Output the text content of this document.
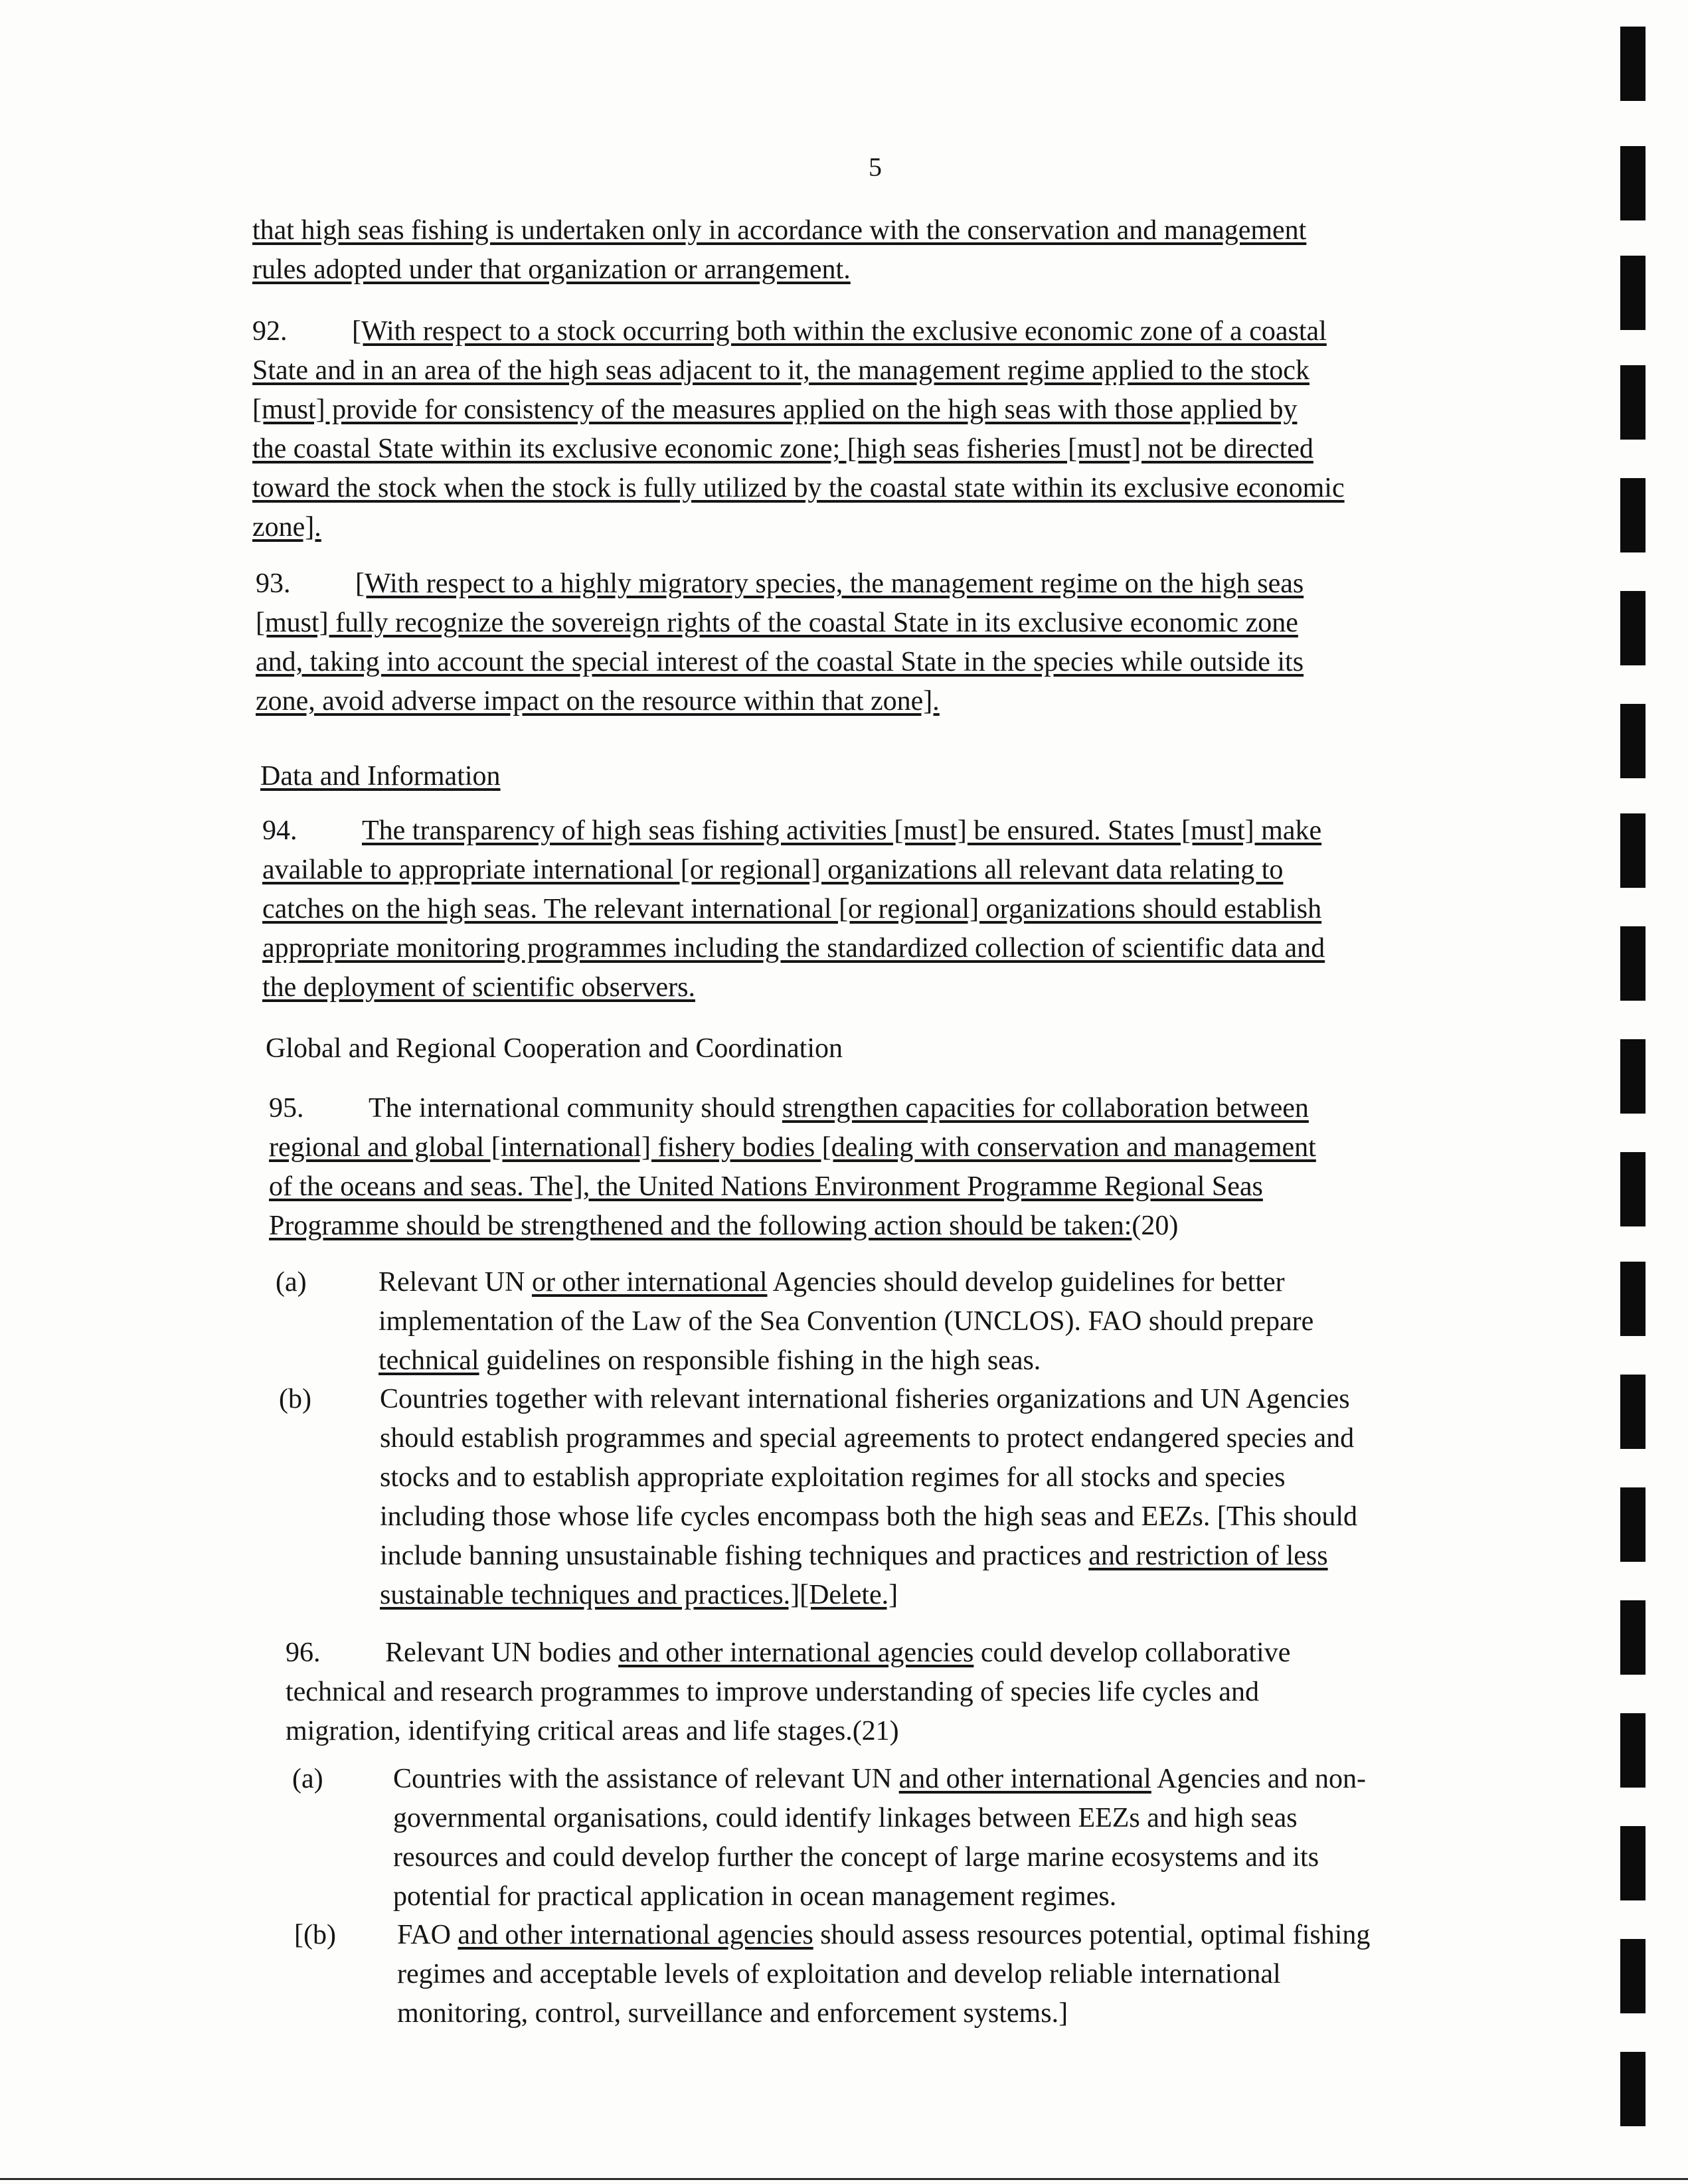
5
that high seas fishing is undertaken only in accordance with the conservation and management
rules adopted under that organization or arrangement.
92. [With respect to a stock occurring both within the exclusive economic zone of a coastal
State and in an area of the high seas adjacent to it, the management regime applied to the stock
[must] provide for consistency of the measures applied on the high seas with those applied by
the coastal State within its exclusive economic zone; [high seas fisheries [must] not be directed
toward the stock when the stock is fully utilized by the coastal state within its exclusive economic
zone].
93. [With respect to a highly migratory species, the management regime on the high seas
[must] fully recognize the sovereign rights of the coastal State in its exclusive economic zone
and, taking into account the special interest of the coastal State in the species while outside its
zone, avoid adverse impact on the resource within that zone].
Data and Information
94. The transparency of high seas fishing activities [must] be ensured. States [must] make
available to appropriate international [or regional] organizations all relevant data relating to
catches on the high seas. The relevant international [or regional] organizations should establish
appropriate monitoring programmes including the standardized collection of scientific data and
the deployment of scientific observers.
Global and Regional Cooperation and Coordination
95. The international community should strengthen capacities for collaboration between
regional and global [international] fishery bodies [dealing with conservation and management
of the oceans and seas. The], the United Nations Environment Programme Regional Seas
Programme should be strengthened and the following action should be taken:(20)
(a)	Relevant UN or other international Agencies should develop guidelines for better
implementation of the Law of the Sea Convention (UNCLOS). FAO should prepare
technical guidelines on responsible fishing in the high seas.
(b) Countries together with relevant international fisheries organizations and UN Agencies
should establish programmes and special agreements to protect endangered species and
stocks and to establish appropriate exploitation regimes for all stocks and species
including those whose life cycles encompass both the high seas and EEZs. [This should
include banning unsustainable fishing techniques and practices and restriction of less
sustainable techniques and practices.][Delete.]
96. Relevant UN bodies and other international agencies could develop collaborative
technical and research programmes to improve understanding of species life cycles and
migration, identifying critical areas and life stages.(21)
(a)	Countries with the assistance of relevant UN and other international Agencies and non-
governmental organisations, could identify linkages between EEZs and high seas
resources and could develop further the concept of large marine ecosystems and its
potential for practical application in ocean management regimes.
[(b) FAO and other international agencies should assess resources potential, optimal fishing
regimes and acceptable levels of exploitation and develop reliable international
monitoring, control, surveillance and enforcement systems.]
